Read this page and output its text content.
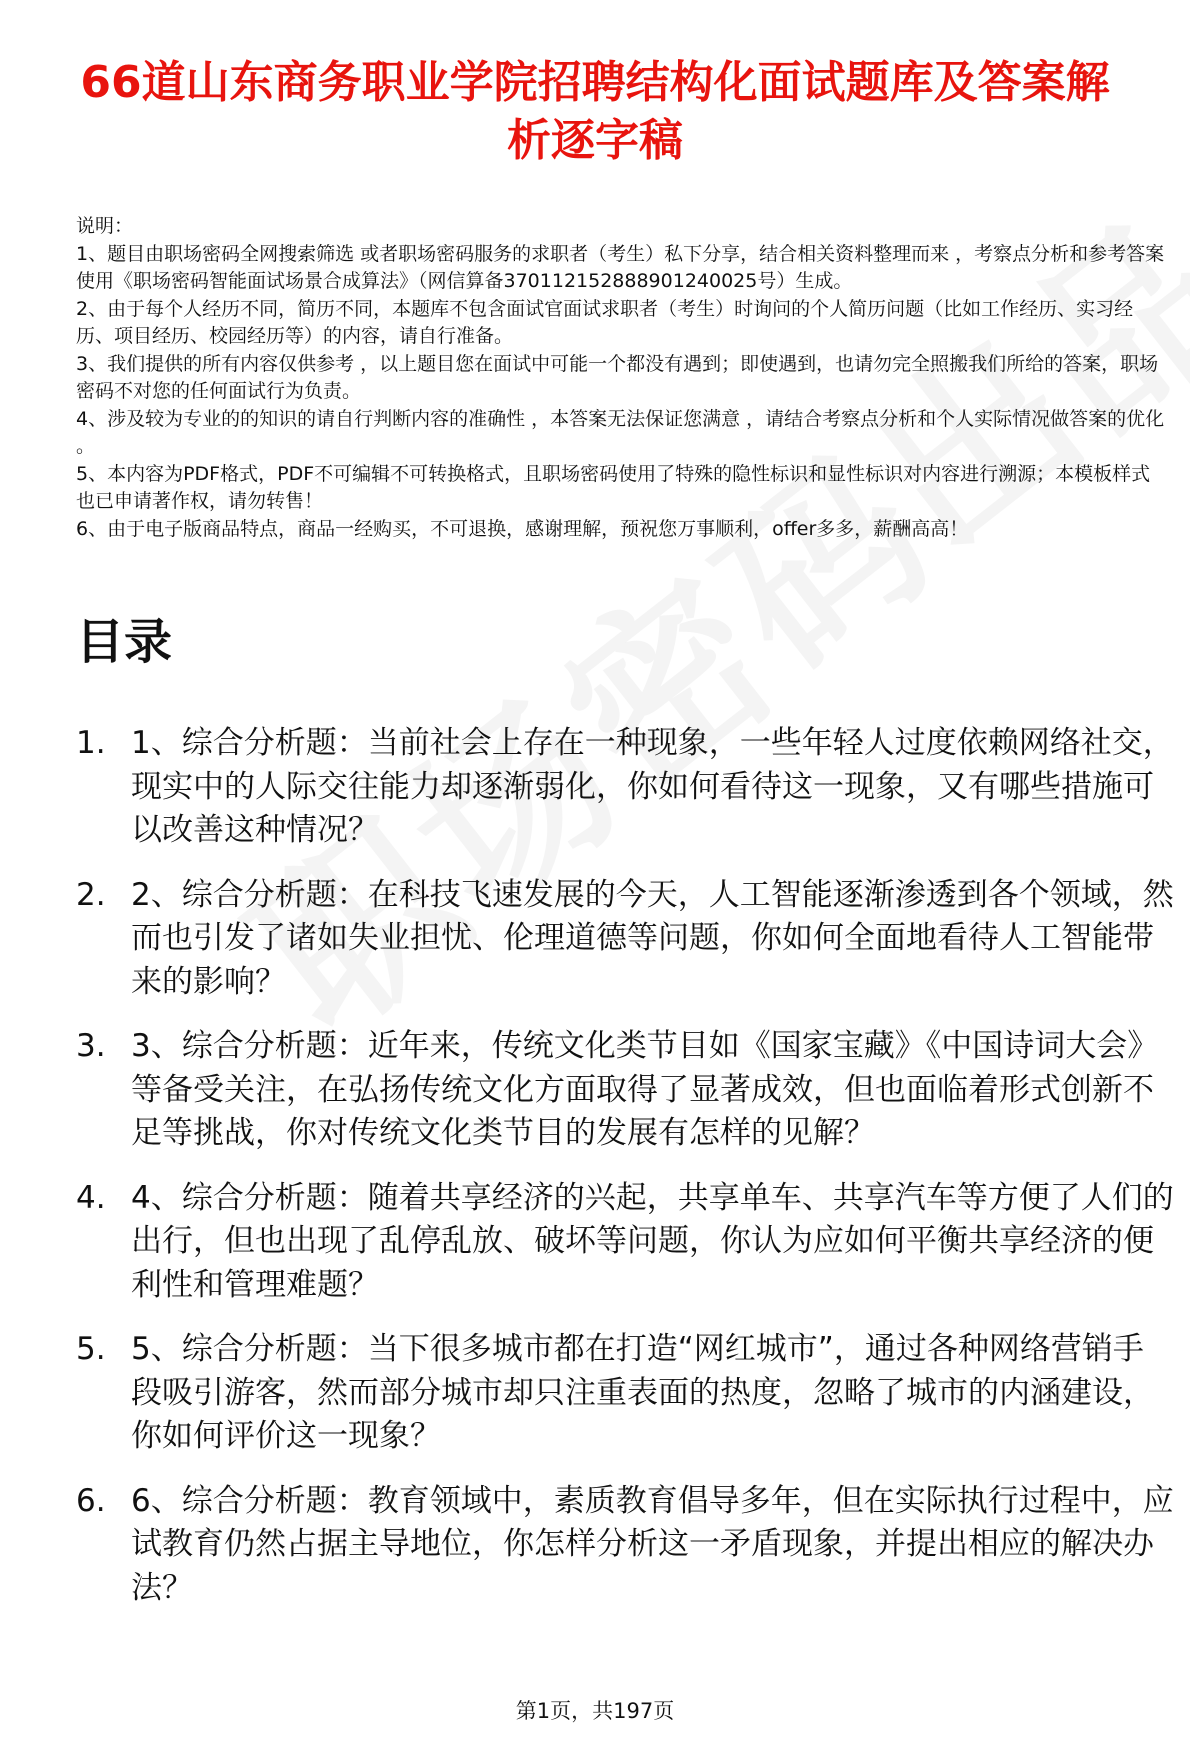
66道山东商务职业学院招聘结构化面试题库及答案解析逐字稿

说明：

1、题目由职场密码全网搜索筛选 或者职场密码服务的求职者（考生）私下分享，结合相关资料整理而来 ，考察点分析和参考答案使用《职场密码智能面试场景合成算法》（网信算备370112152888901240025号）生成。

2、由于每个人经历不同，简历不同，本题库不包含面试官面试求职者（考生）时询问的个人简历问题（比如工作经历、实习经历、项目经历、校园经历等）的内容，请自行准备。

3、我们提供的所有内容仅供参考 ，以上题目您在面试中可能一个都没有遇到；即使遇到，也请勿完全照搬我们所给的答案，职场密码不对您的任何面试行为负责。

4、涉及较为专业的的知识的请自行判断内容的准确性 ，本答案无法保证您满意 ，请结合考察点分析和个人实际情况做答案的优化 。

5、本内容为PDF格式，PDF不可编辑不可转换格式，且职场密码使用了特殊的隐性标识和显性标识对内容进行溯源；本模板样式也已申请著作权，请勿转售！

6、由于电子版商品特点，商品一经购买，不可退换，感谢理解，预祝您万事顺利，offer多多，薪酬高高！

目录
1. 1、综合分析题：当前社会上存在一种现象，一些年轻人过度依赖网络社交，现实中的人际交往能力却逐渐弱化，你如何看待这一现象，又有哪些措施可以改善这种情况？
2. 2、综合分析题：在科技飞速发展的今天，人工智能逐渐渗透到各个领域，然而也引发了诸如失业担忧、伦理道德等问题，你如何全面地看待人工智能带来的影响？
3. 3、综合分析题：近年来，传统文化类节目如《国家宝藏》《中国诗词大会》等备受关注，在弘扬传统文化方面取得了显著成效，但也面临着形式创新不足等挑战，你对传统文化类节目的发展有怎样的见解？
4. 4、综合分析题：随着共享经济的兴起，共享单车、共享汽车等方便了人们的出行，但也出现了乱停乱放、破坏等问题，你认为应如何平衡共享经济的便利性和管理难题？
5. 5、综合分析题：当下很多城市都在打造“网红城市”，通过各种网络营销手段吸引游客，然而部分城市却只注重表面的热度，忽略了城市的内涵建设，你如何评价这一现象？
6. 6、综合分析题：教育领域中，素质教育倡导多年，但在实际执行过程中，应试教育仍然占据主导地位，你怎样分析这一矛盾现象，并提出相应的解决办法？
第1页，共197页
